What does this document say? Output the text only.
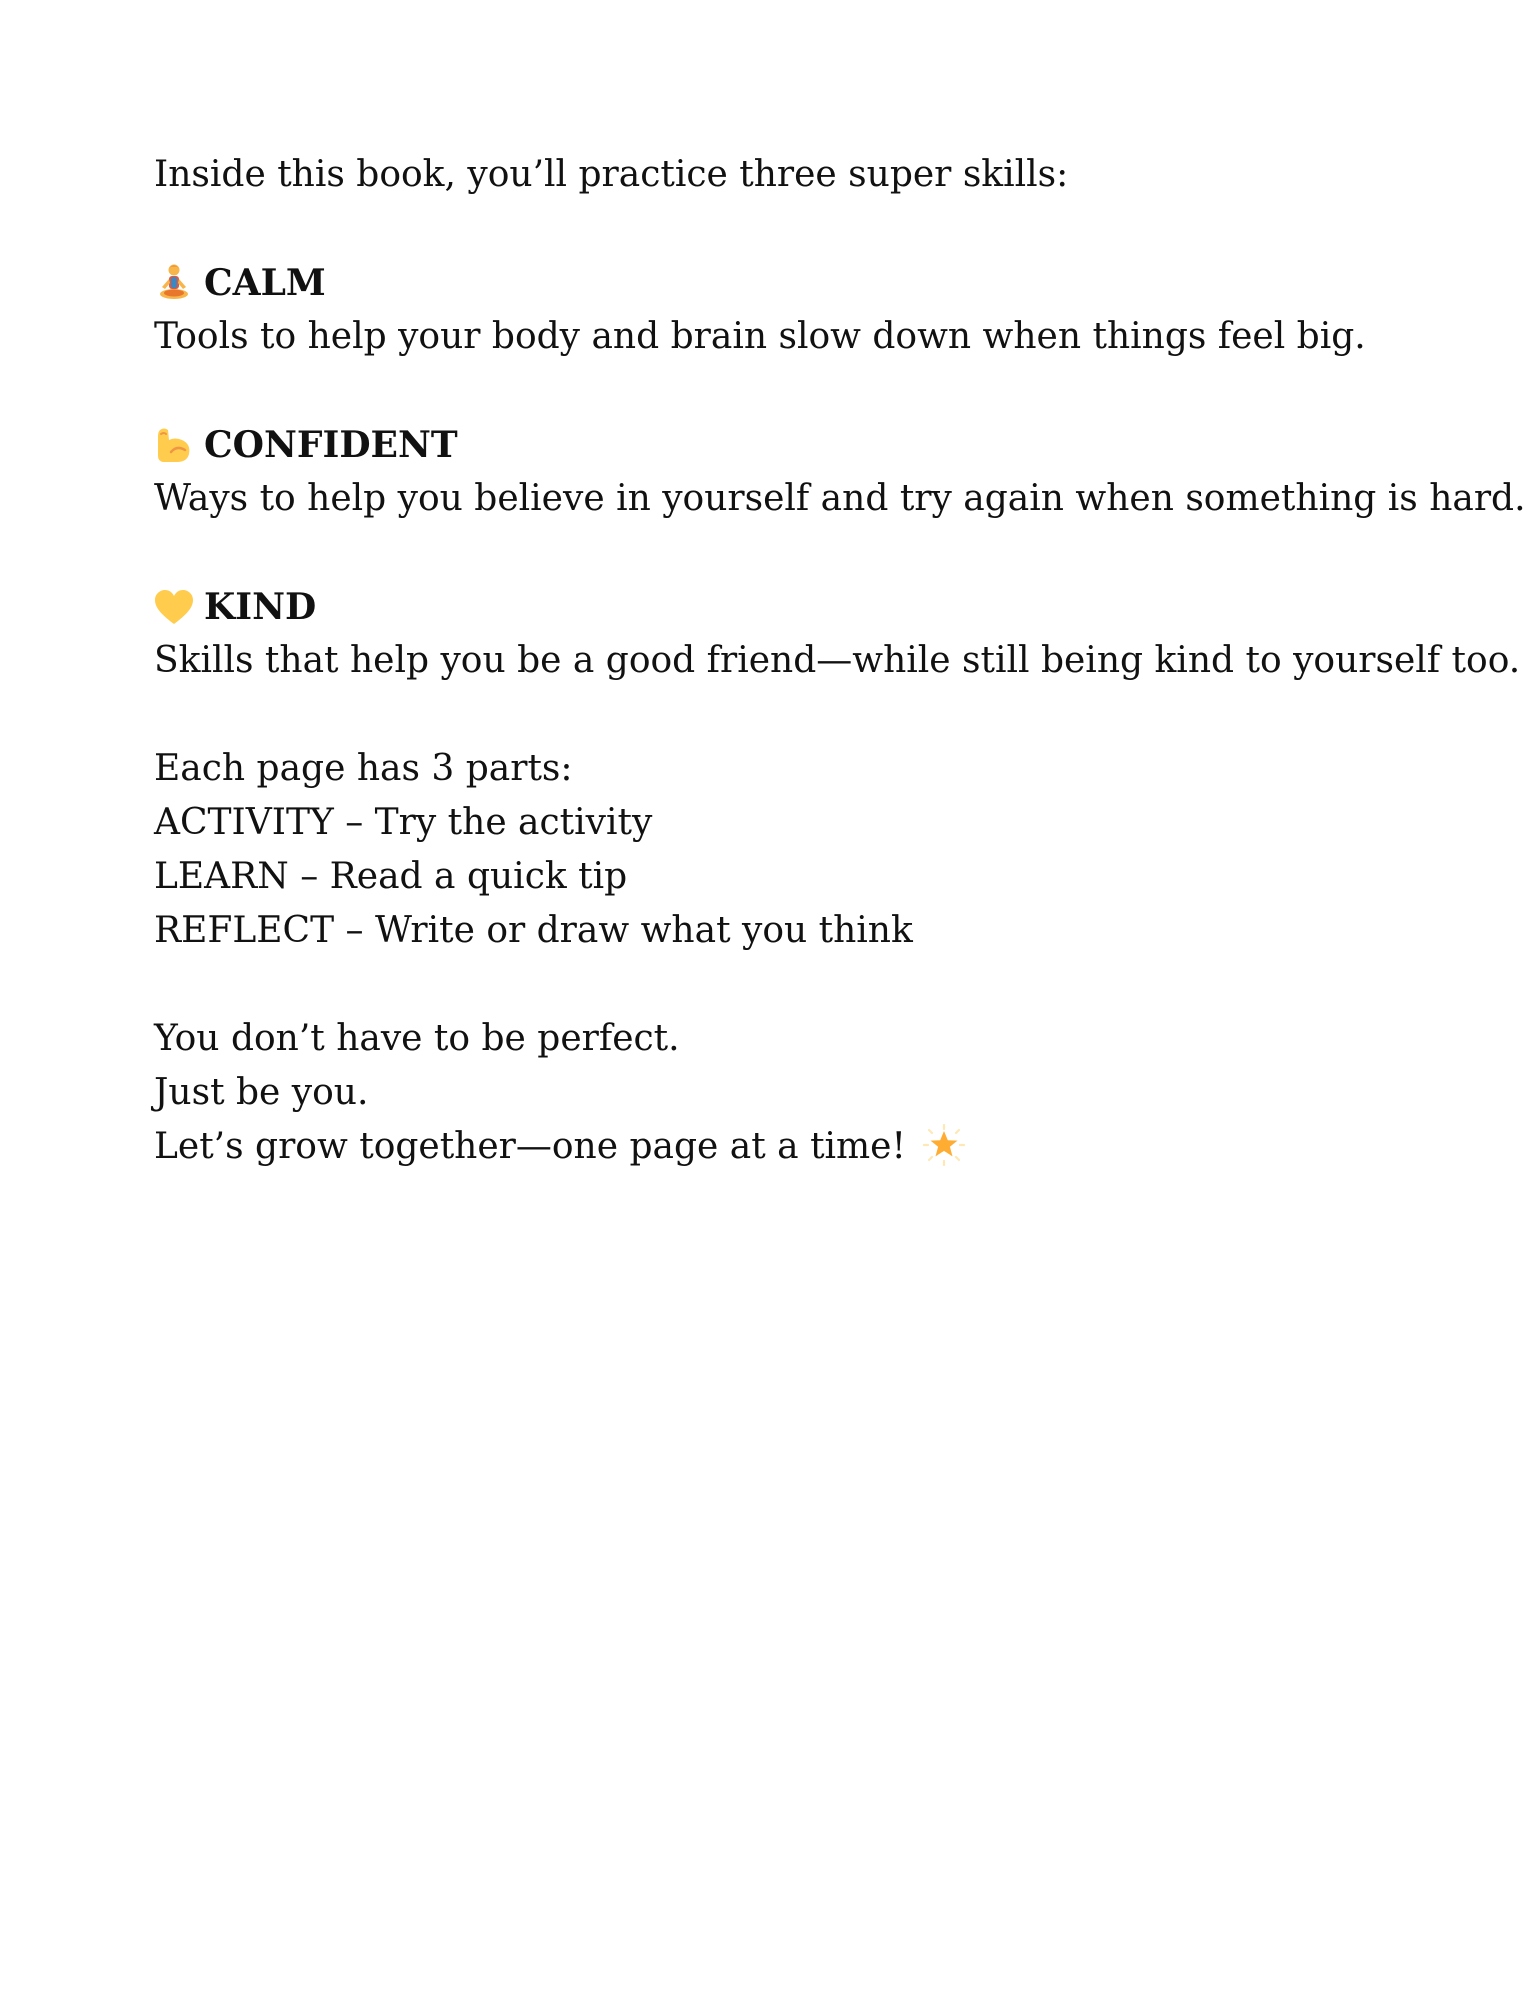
Inside this book, you’ll practice three super skills:

CALM

Tools to help your body and brain slow down when things feel big.

CONFIDENT

Ways to help you believe in yourself and try again when something is hard.

KIND

Skills that help you be a good friend—while still being kind to yourself too.

Each page has 3 parts:

ACTIVITY – Try the activity

LEARN – Read a quick tip

REFLECT – Write or draw what you think

You don’t have to be perfect.

Just be you.

Let’s grow together—one page at a time!
